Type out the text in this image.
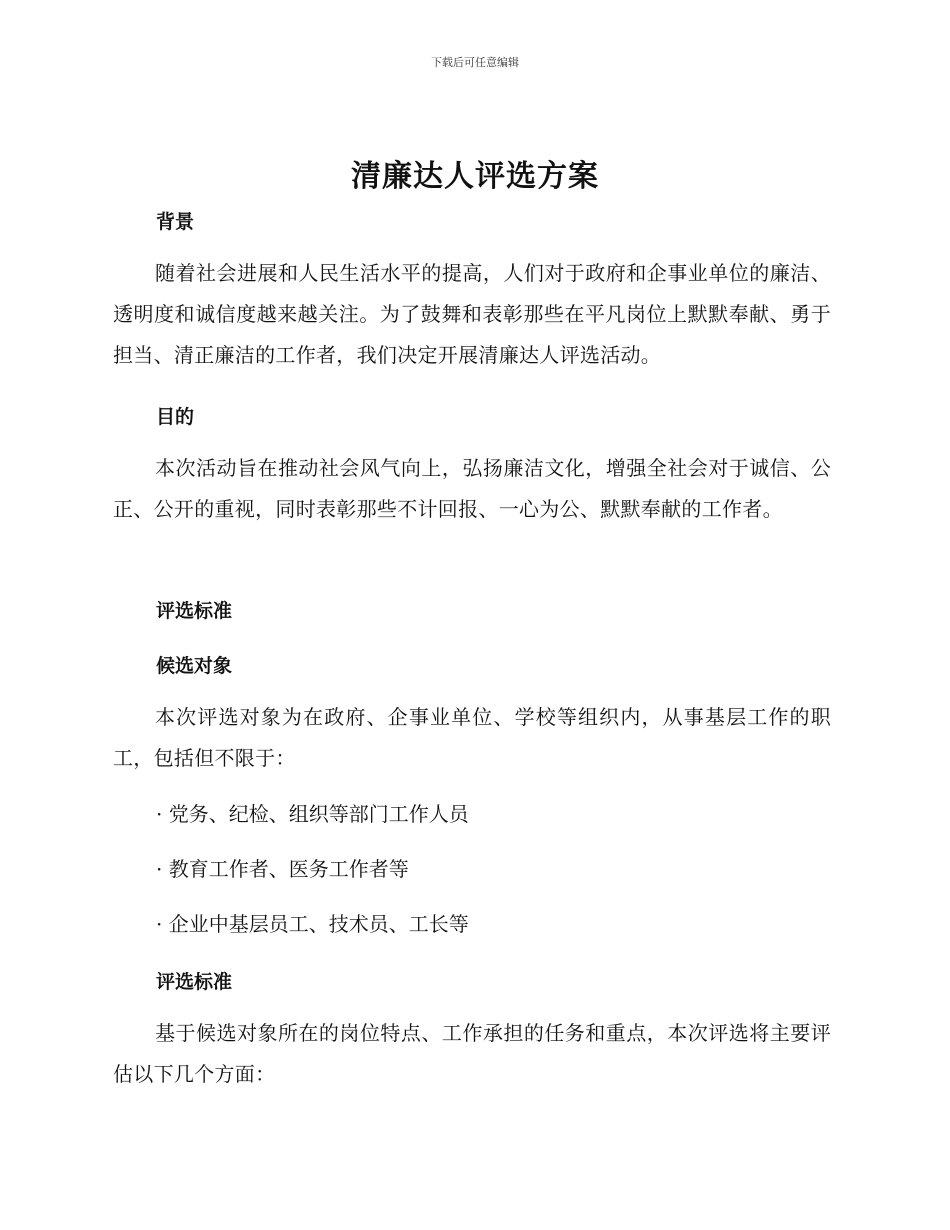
下载后可任意编辑
清廉达人评选方案
背景
随着社会进展和人民生活水平的提高，人们对于政府和企事业单位的廉洁、透明度和诚信度越来越关注。为了鼓舞和表彰那些在平凡岗位上默默奉献、勇于担当、清正廉洁的工作者，我们决定开展清廉达人评选活动。
目的
本次活动旨在推动社会风气向上，弘扬廉洁文化，增强全社会对于诚信、公正、公开的重视，同时表彰那些不计回报、一心为公、默默奉献的工作者。
评选标准
候选对象
本次评选对象为在政府、企事业单位、学校等组织内，从事基层工作的职工，包括但不限于：
· 党务、纪检、组织等部门工作人员
· 教育工作者、医务工作者等
· 企业中基层员工、技术员、工长等
评选标准
基于候选对象所在的岗位特点、工作承担的任务和重点，本次评选将主要评估以下几个方面：
